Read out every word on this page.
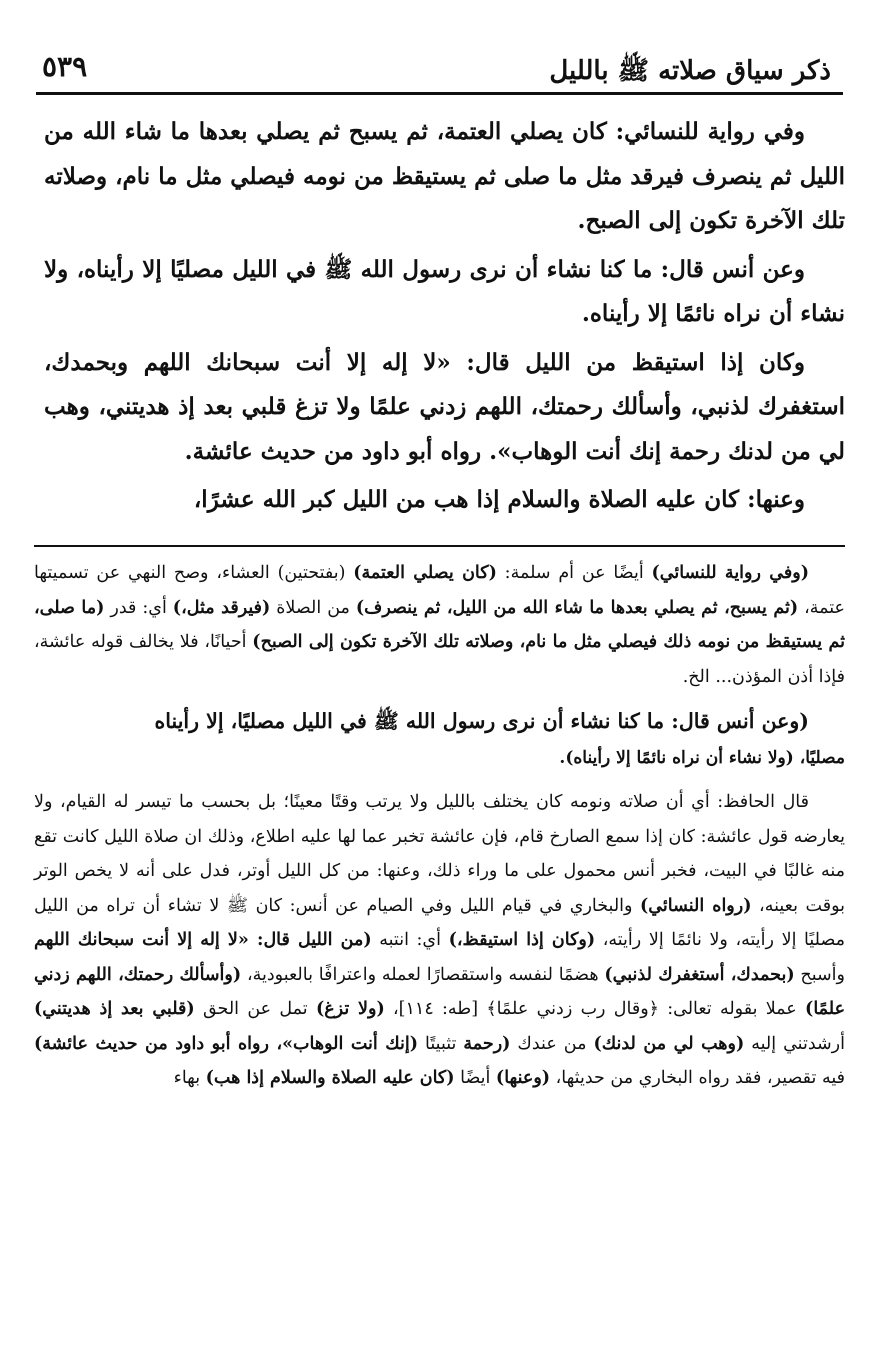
ذكر سياق صلاته ﷺ بالليل
٥٣٩

وفي رواية للنسائي: كان يصلي العتمة، ثم يسبح ثم يصلي بعدها ما شاء الله من الليل ثم ينصرف فيرقد مثل ما صلى ثم يستيقظ من نومه فيصلي مثل ما نام، وصلاته تلك الآخرة تكون إلى الصبح.

وعن أنس قال: ما كنا نشاء أن نرى رسول الله ﷺ في الليل مصليًا إلا رأيناه، ولا نشاء أن نراه نائمًا إلا رأيناه.

وكان إذا استيقظ من الليل قال: «لا إله إلا أنت سبحانك اللهم وبحمدك، استغفرك لذنبي، وأسألك رحمتك، اللهم زدني علمًا ولا تزغ قلبي بعد إذ هديتني، وهب لي من لدنك رحمة إنك أنت الوهاب». رواه أبو داود من حديث عائشة.

وعنها: كان عليه الصلاة والسلام إذا هب من الليل كبر الله عشرًا،

(وفي رواية للنسائي) أيضًا عن أم سلمة: (كان يصلي العتمة) (بفتحتين) العشاء، وصح النهي عن تسميتها عتمة، (ثم يسبح، ثم يصلي بعدها ما شاء الله من الليل، ثم ينصرف) من الصلاة (فيرقد مثل،) أي: قدر (ما صلى، ثم يستيقظ من نومه ذلك فيصلي مثل ما نام، وصلاته تلك الآخرة تكون إلى الصبح) أحيانًا، فلا يخالف قوله عائشة، فإذا أذن المؤذن... الخ.

(وعن أنس قال: ما كنا نشاء أن نرى رسول الله ﷺ في الليل مصليًا، إلا رأيناه
مصليًا، (ولا نشاء أن نراه نائمًا إلا رأيناه).

قال الحافظ: أي أن صلاته ونومه كان يختلف بالليل ولا يرتب وقتًا معينًا؛ بل بحسب ما تيسر له القيام، ولا يعارضه قول عائشة: كان إذا سمع الصارخ قام، فإن عائشة تخبر عما لها عليه اطلاع، وذلك ان صلاة الليل كانت تقع منه غالبًا في البيت، فخبر أنس محمول على ما وراء ذلك، وعنها: من كل الليل أوتر، فدل على أنه لا يخص الوتر بوقت بعينه، (رواه النسائي) والبخاري في قيام الليل وفي الصيام عن أنس: كان ﷺ لا تشاء أن تراه من الليل مصليًا إلا رأيته، ولا نائمًا إلا رأيته، (وكان إذا استيقظ،) أي: انتبه (من الليل قال: «لا إله إلا أنت سبحانك اللهم وأسبح (بحمدك، أستغفرك لذنبي) هضمًا لنفسه واستقصارًا لعمله واعترافًا بالعبودية، (وأسألك رحمتك، اللهم زدني علمًا) عملا بقوله تعالى: ﴿وقال رب زدني علمًا﴾ [طه: ١١٤]، (ولا تزغ) تمل عن الحق (قلبي بعد إذ هديتني) أرشدتني إليه (وهب لي من لدنك) من عندك (رحمة تثبيتًا (إنك أنت الوهاب»، رواه أبو داود من حديث عائشة) فيه تقصير، فقد رواه البخاري من حديثها، (وعنها) أيضًا (كان عليه الصلاة والسلام إذا هب) بهاء
